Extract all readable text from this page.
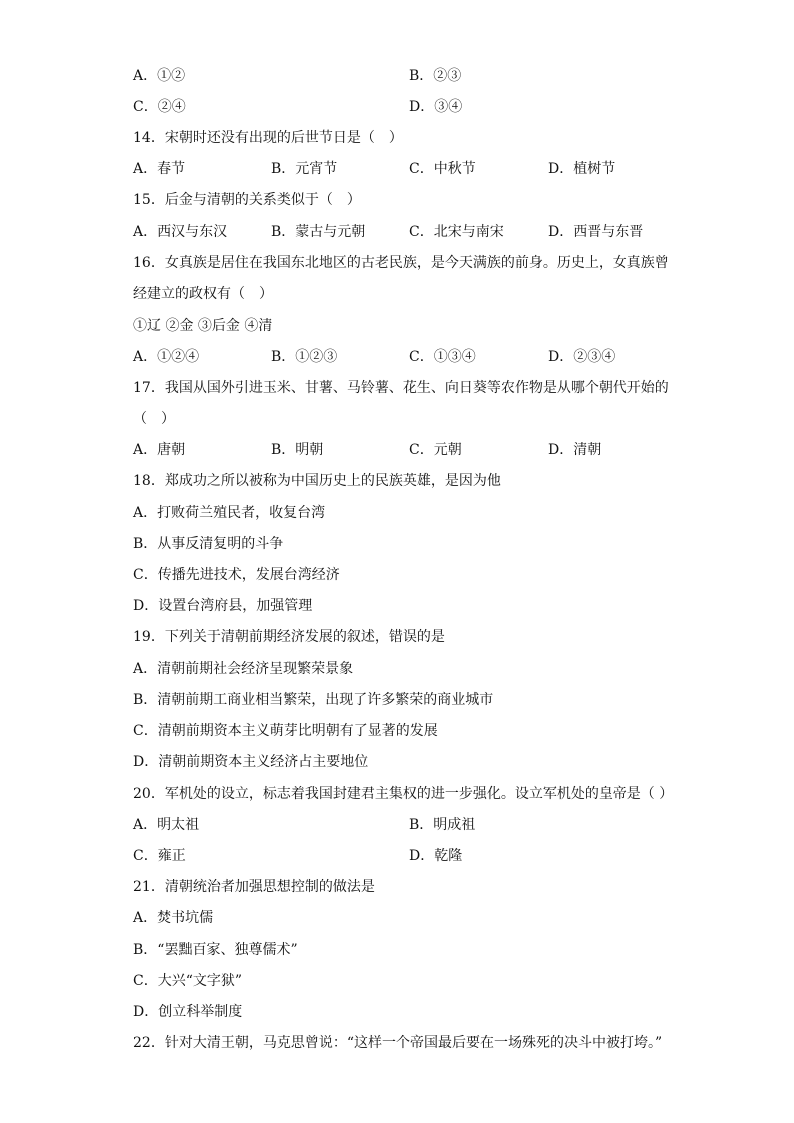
A．①②	B．②③
C．②④	D．③④
14．宋朝时还没有出现的后世节日是（　）
A．春节	B．元宵节	C．中秋节	D．植树节
15．后金与清朝的关系类似于（　）
A．西汉与东汉	B．蒙古与元朝	C．北宋与南宋	D．西晋与东晋
16．女真族是居住在我国东北地区的古老民族，是今天满族的前身。历史上，女真族曾
经建立的政权有（　）
①辽 ②金 ③后金 ④清
A．①②④	B．①②③	C．①③④	D．②③④
17．我国从国外引进玉米、甘薯、马铃薯、花生、向日葵等农作物是从哪个朝代开始的
（　）
A．唐朝	B．明朝	C．元朝	D．清朝
18．郑成功之所以被称为中国历史上的民族英雄，是因为他
A．打败荷兰殖民者，收复台湾
B．从事反清复明的斗争
C．传播先进技术，发展台湾经济
D．设置台湾府县，加强管理
19．下列关于清朝前期经济发展的叙述，错误的是
A．清朝前期社会经济呈现繁荣景象
B．清朝前期工商业相当繁荣，出现了许多繁荣的商业城市
C．清朝前期资本主义萌芽比明朝有了显著的发展
D．清朝前期资本主义经济占主要地位
20．军机处的设立，标志着我国封建君主集权的进一步强化。设立军机处的皇帝是（ ）
A．明太祖	B．明成祖
C．雍正	D．乾隆
21．清朝统治者加强思想控制的做法是
A．焚书坑儒
B．“罢黜百家、独尊儒术”
C．大兴“文字狱”
D．创立科举制度
22．针对大清王朝，马克思曾说：“这样一个帝国最后要在一场殊死的决斗中被打垮。”
